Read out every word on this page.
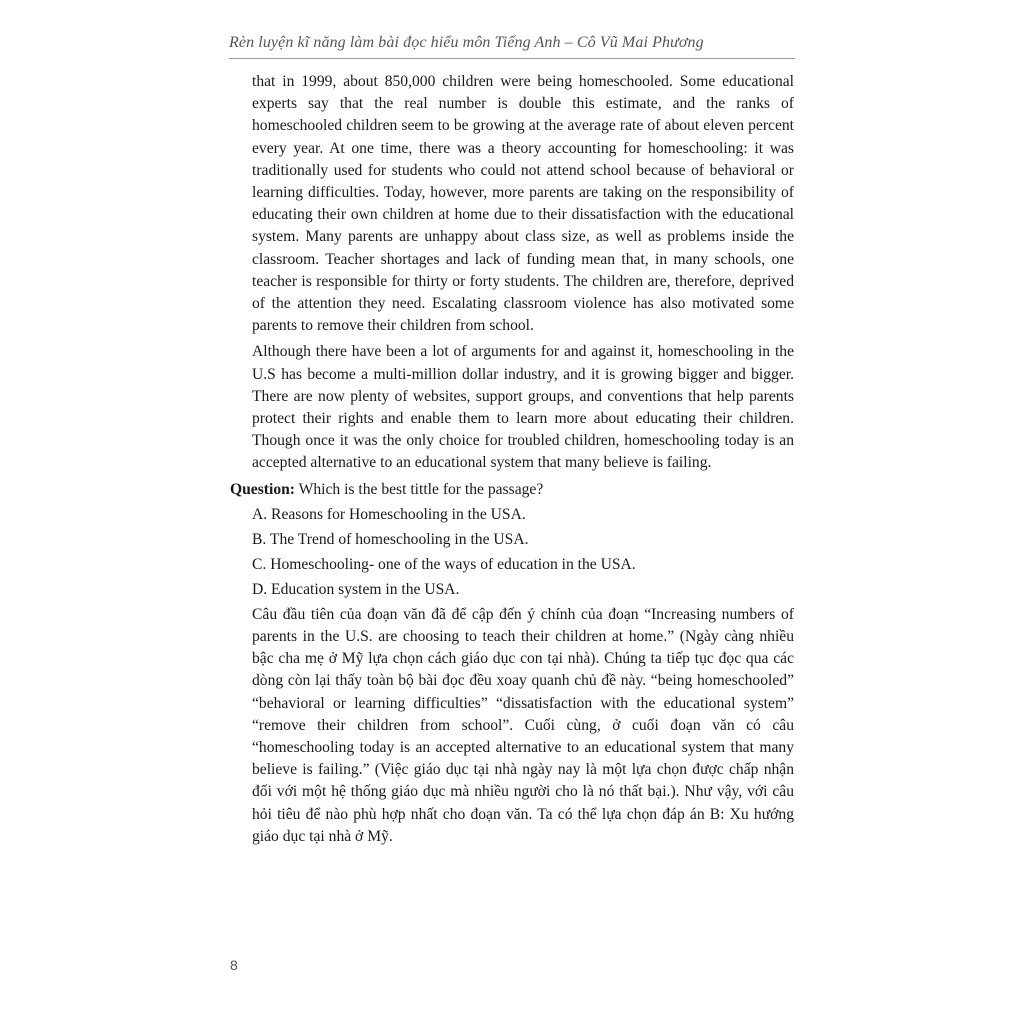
Rèn luyện kĩ năng làm bài đọc hiểu môn Tiếng Anh – Cô Vũ Mai Phương

that in 1999, about 850,000 children were being homeschooled. Some educational experts say that the real number is double this estimate, and the ranks of homeschooled children seem to be growing at the average rate of about eleven percent every year. At one time, there was a theory accounting for homeschooling: it was traditionally used for students who could not attend school because of behavioral or learning difficulties. Today, however, more parents are taking on the responsibility of educating their own children at home due to their dissatisfaction with the educational system. Many parents are unhappy about class size, as well as problems inside the classroom. Teacher shortages and lack of funding mean that, in many schools, one teacher is responsible for thirty or forty students. The children are, therefore, deprived of the attention they need. Escalating classroom violence has also motivated some parents to remove their children from school.

Although there have been a lot of arguments for and against it, homeschooling in the U.S has become a multi-million dollar industry, and it is growing bigger and bigger. There are now plenty of websites, support groups, and conventions that help parents protect their rights and enable them to learn more about educating their children. Though once it was the only choice for troubled children, homeschooling today is an accepted alternative to an educational system that many believe is failing.

Question: Which is the best tittle for the passage?
A. Reasons for Homeschooling in the USA.
B. The Trend of homeschooling in the USA.
C. Homeschooling- one of the ways of education in the USA.
D. Education system in the USA.

Câu đầu tiên của đoạn văn đã để cập đến ý chính của đoạn “Increasing numbers of parents in the U.S. are choosing to teach their children at home.” (Ngày càng nhiều bậc cha mẹ ở Mỹ lựa chọn cách giáo dục con tại nhà). Chúng ta tiếp tục đọc qua các dòng còn lại thấy toàn bộ bài đọc đều xoay quanh chủ đề này. “being homeschooled” “behavioral or learning difficulties” “dissatisfaction with the educational system” “remove their children from school”. Cuối cùng, ở cuối đoạn văn có câu “homeschooling today is an accepted alternative to an educational system that many believe is failing.” (Việc giáo dục tại nhà ngày nay là một lựa chọn được chấp nhận đối với một hệ thống giáo dục mà nhiều người cho là nó thất bại.). Như vậy, với câu hỏi tiêu để nào phù hợp nhất cho đoạn văn. Ta có thể lựa chọn đáp án B: Xu hướng giáo dục tại nhà ở Mỹ.

8
